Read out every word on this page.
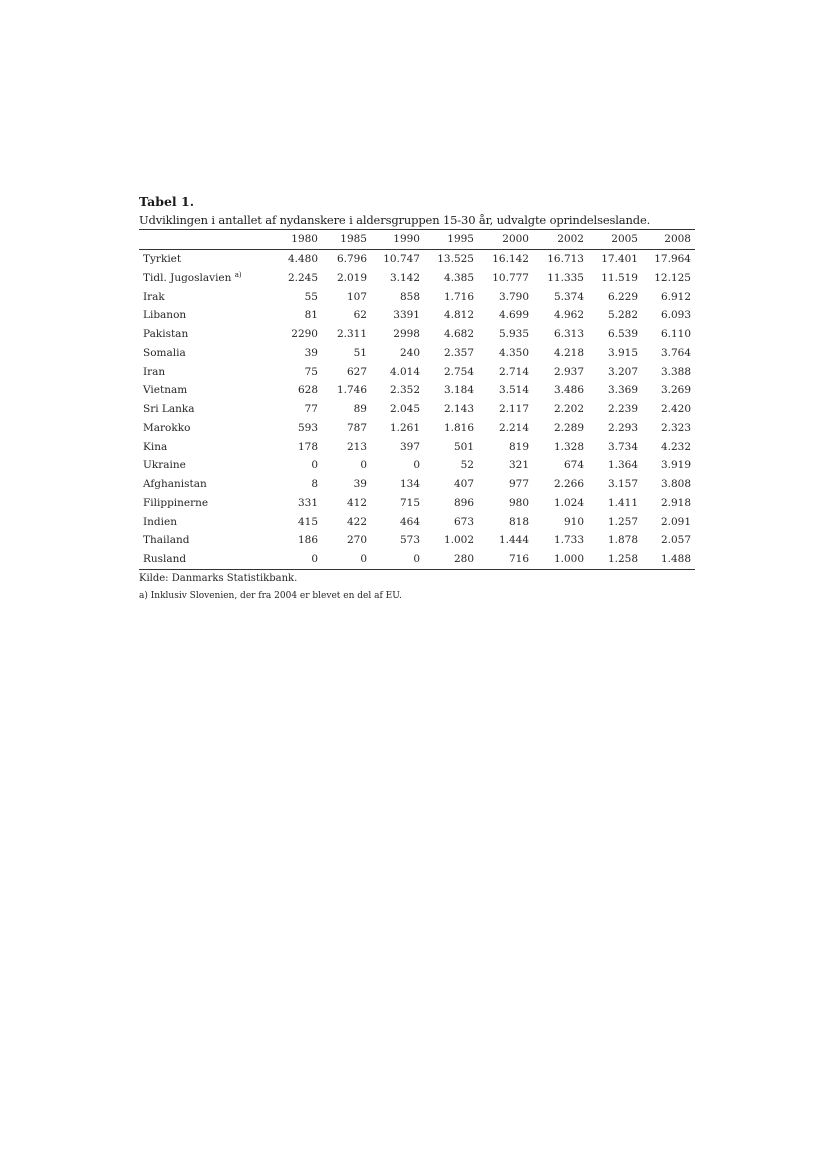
Tabel 1.
Udviklingen i antallet af nydanskere i aldersgruppen 15-30 år, udvalgte oprindelseslande.
	1980	1985	1990	1995	2000	2002	2005	2008
Tyrkiet	4.480	6.796	10.747	13.525	16.142	16.713	17.401	17.964
Tidl. Jugoslavien $^{a)}$	2.245	2.019	3.142	4.385	10.777	11.335	11.519	12.125
Irak	55	107	858	1.716	3.790	5.374	6.229	6.912
Libanon	81	62	3391	4.812	4.699	4.962	5.282	6.093
Pakistan	2290	2.311	2998	4.682	5.935	6.313	6.539	6.110
Somalia	39	51	240	2.357	4.350	4.218	3.915	3.764
Iran	75	627	4.014	2.754	2.714	2.937	3.207	3.388
Vietnam	628	1.746	2.352	3.184	3.514	3.486	3.369	3.269
Sri Lanka	77	89	2.045	2.143	2.117	2.202	2.239	2.420
Marokko	593	787	1.261	1.816	2.214	2.289	2.293	2.323
Kina	178	213	397	501	819	1.328	3.734	4.232
Ukraine	0	0	0	52	321	674	1.364	3.919
Afghanistan	8	39	134	407	977	2.266	3.157	3.808
Filippinerne	331	412	715	896	980	1.024	1.411	2.918
Indien	415	422	464	673	818	910	1.257	2.091
Thailand	186	270	573	1.002	1.444	1.733	1.878	2.057
Rusland	0	0	0	280	716	1.000	1.258	1.488
Kilde: Danmarks Statistikbank.
a) Inklusiv Slovenien, der fra 2004 er blevet en del af EU.
